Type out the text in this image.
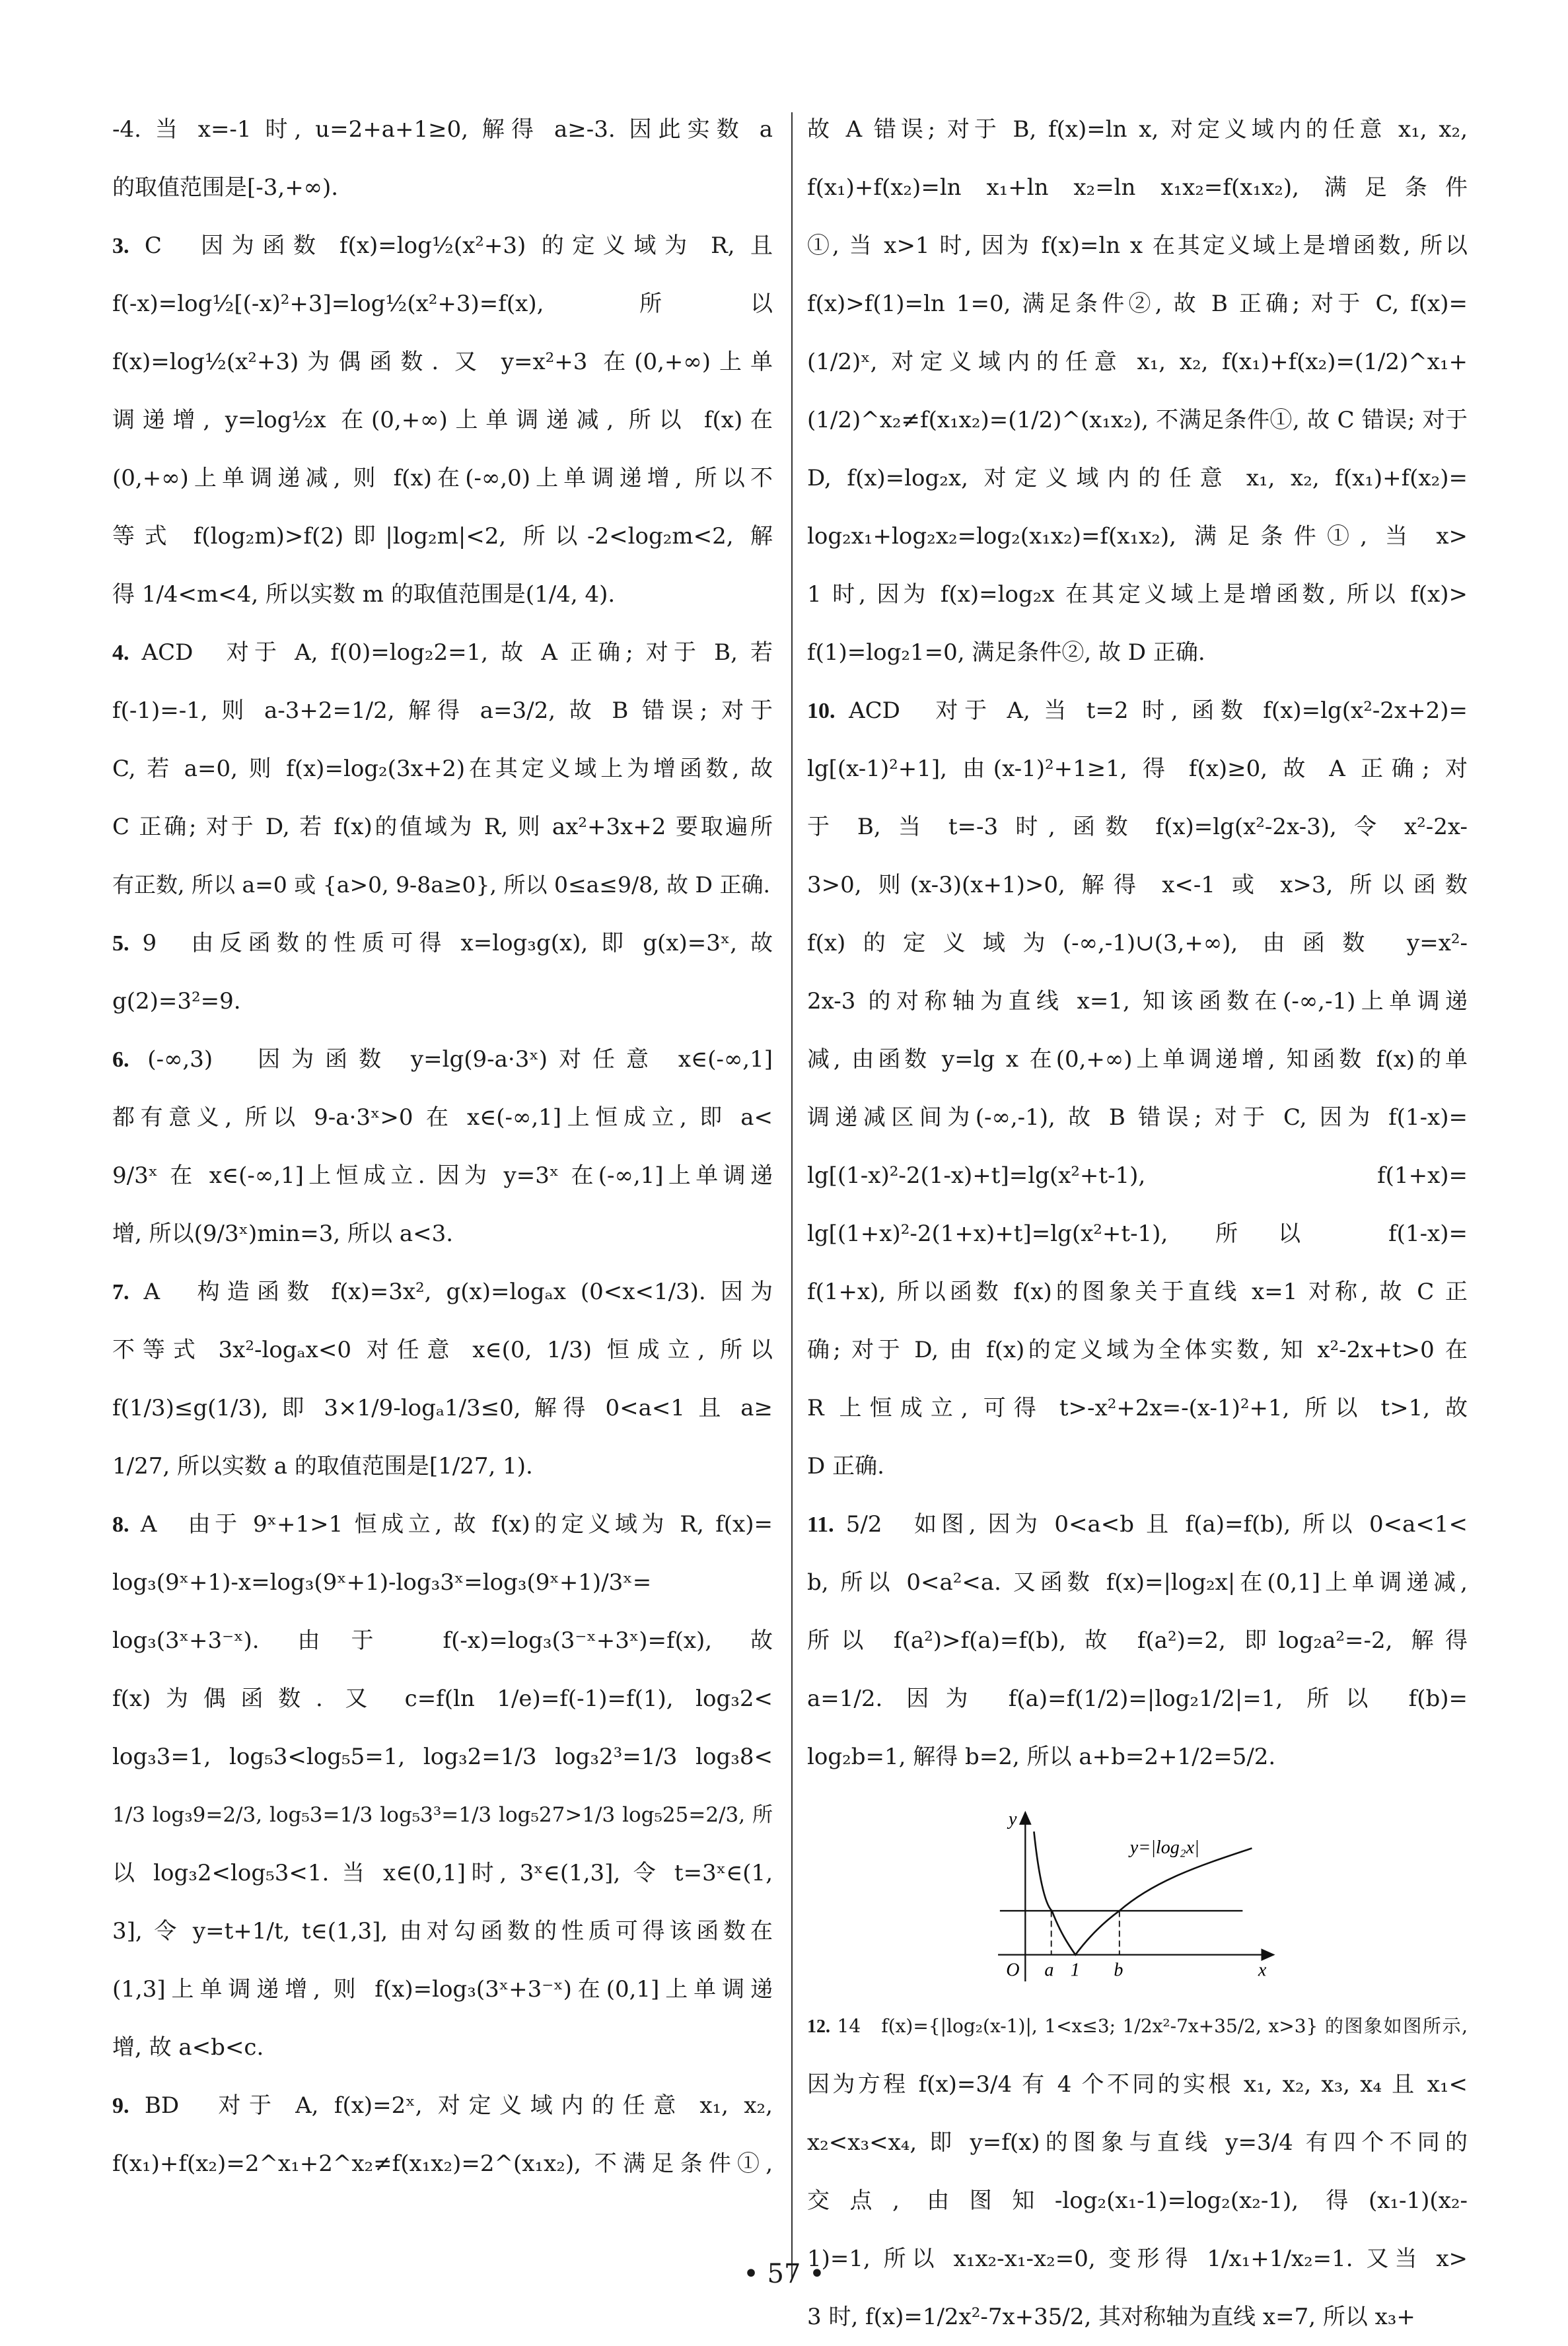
-4. 当 x=-1 时, u=2+a+1≥0, 解得 a≥-3. 因此实数 a
的取值范围是[-3,+∞).
3. C　因为函数 f(x)=log½(x²+3) 的定义域为 R, 且
f(-x)=log½[(-x)²+3]=log½(x²+3)=f(x), 所以
f(x)=log½(x²+3)为偶函数. 又 y=x²+3 在(0,+∞)上单
调递增, y=log½x 在(0,+∞)上单调递减, 所以 f(x)在
(0,+∞)上单调递减, 则 f(x)在(-∞,0)上单调递增, 所以不
等式 f(log₂m)>f(2)即|log₂m|<2, 所以-2<log₂m<2, 解
得 1/4<m<4, 所以实数 m 的取值范围是(1/4, 4).
4. ACD　对于 A, f(0)=log₂2=1, 故 A 正确; 对于 B, 若
f(-1)=-1, 则 a-3+2=1/2, 解得 a=3/2, 故 B 错误; 对于
C, 若 a=0, 则 f(x)=log₂(3x+2)在其定义域上为增函数, 故
C 正确; 对于 D, 若 f(x)的值域为 R, 则 ax²+3x+2 要取遍所
有正数, 所以 a=0 或 {a>0, 9-8a≥0}, 所以 0≤a≤9/8, 故 D 正确.
5. 9　由反函数的性质可得 x=log₃g(x), 即 g(x)=3ˣ, 故
g(2)=3²=9.
6. (-∞,3)　因为函数 y=lg(9-a·3ˣ)对任意 x∈(-∞,1]
都有意义, 所以 9-a·3ˣ>0 在 x∈(-∞,1]上恒成立, 即 a<
9/3ˣ 在 x∈(-∞,1]上恒成立. 因为 y=3ˣ 在(-∞,1]上单调递
增, 所以(9/3ˣ)min=3, 所以 a<3.
7. A　构造函数 f(x)=3x², g(x)=logₐx (0<x<1/3). 因为
不等式 3x²-logₐx<0 对任意 x∈(0, 1/3) 恒成立, 所以
f(1/3)≤g(1/3), 即 3×1/9-logₐ1/3≤0, 解得 0<a<1 且 a≥
1/27, 所以实数 a 的取值范围是[1/27, 1).
8. A　由于 9ˣ+1>1 恒成立, 故 f(x)的定义域为 R, f(x)=
log₃(9ˣ+1)-x=log₃(9ˣ+1)-log₃3ˣ=log₃(9ˣ+1)/3ˣ=
log₃(3ˣ+3⁻ˣ). 由于 f(-x)=log₃(3⁻ˣ+3ˣ)=f(x), 故
f(x)为偶函数. 又 c=f(ln 1/e)=f(-1)=f(1), log₃2<
log₃3=1, log₅3<log₅5=1, log₃2=1/3 log₃2³=1/3 log₃8<
1/3 log₃9=2/3, log₅3=1/3 log₅3³=1/3 log₅27>1/3 log₅25=2/3, 所
以 log₃2<log₅3<1. 当 x∈(0,1]时, 3ˣ∈(1,3], 令 t=3ˣ∈(1,
3], 令 y=t+1/t, t∈(1,3], 由对勾函数的性质可得该函数在
(1,3]上单调递增, 则 f(x)=log₃(3ˣ+3⁻ˣ)在(0,1]上单调递
增, 故 a<b<c.
9. BD　对于 A, f(x)=2ˣ, 对定义域内的任意 x₁, x₂,
f(x₁)+f(x₂)=2^x₁+2^x₂≠f(x₁x₂)=2^(x₁x₂), 不满足条件①,
故 A 错误; 对于 B, f(x)=ln x, 对定义域内的任意 x₁, x₂,
f(x₁)+f(x₂)=ln x₁+ln x₂=ln x₁x₂=f(x₁x₂), 满足条件
①, 当 x>1 时, 因为 f(x)=ln x 在其定义域上是增函数, 所以
f(x)>f(1)=ln 1=0, 满足条件②, 故 B 正确; 对于 C, f(x)=
(1/2)ˣ, 对定义域内的任意 x₁, x₂, f(x₁)+f(x₂)=(1/2)^x₁+
(1/2)^x₂≠f(x₁x₂)=(1/2)^(x₁x₂), 不满足条件①, 故 C 错误; 对于
D, f(x)=log₂x, 对定义域内的任意 x₁, x₂, f(x₁)+f(x₂)=
log₂x₁+log₂x₂=log₂(x₁x₂)=f(x₁x₂), 满足条件①, 当 x>
1 时, 因为 f(x)=log₂x 在其定义域上是增函数, 所以 f(x)>
f(1)=log₂1=0, 满足条件②, 故 D 正确.
10. ACD　对于 A, 当 t=2 时, 函数 f(x)=lg(x²-2x+2)=
lg[(x-1)²+1], 由(x-1)²+1≥1, 得 f(x)≥0, 故 A 正确; 对
于 B, 当 t=-3 时, 函数 f(x)=lg(x²-2x-3), 令 x²-2x-
3>0, 则(x-3)(x+1)>0, 解得 x<-1 或 x>3, 所以函数
f(x)的定义域为(-∞,-1)∪(3,+∞), 由函数 y=x²-
2x-3 的对称轴为直线 x=1, 知该函数在(-∞,-1)上单调递
减, 由函数 y=lg x 在(0,+∞)上单调递增, 知函数 f(x)的单
调递减区间为(-∞,-1), 故 B 错误; 对于 C, 因为 f(1-x)=
lg[(1-x)²-2(1-x)+t]=lg(x²+t-1), f(1+x)=
lg[(1+x)²-2(1+x)+t]=lg(x²+t-1), 所以 f(1-x)=
f(1+x), 所以函数 f(x)的图象关于直线 x=1 对称, 故 C 正
确; 对于 D, 由 f(x)的定义域为全体实数, 知 x²-2x+t>0 在
R 上恒成立, 可得 t>-x²+2x=-(x-1)²+1, 所以 t>1, 故
D 正确.
11. 5/2　如图, 因为 0<a<b 且 f(a)=f(b), 所以 0<a<1<
b, 所以 0<a²<a. 又函数 f(x)=|log₂x|在(0,1]上单调递减,
所以 f(a²)>f(a)=f(b), 故 f(a²)=2, 即log₂a²=-2, 解得
a=1/2. 因为 f(a)=f(1/2)=|log₂1/2|=1, 所以 f(b)=
log₂b=1, 解得 b=2, 所以 a+b=2+1/2=5/2.
y=|log₂x|
y
x
O a 1 b
12. 14　f(x)={|log₂(x-1)|, 1<x≤3; 1/2x²-7x+35/2, x>3} 的图象如图所示,
因为方程 f(x)=3/4 有 4 个不同的实根 x₁, x₂, x₃, x₄ 且 x₁<
x₂<x₃<x₄, 即 y=f(x)的图象与直线 y=3/4 有四个不同的
交点, 由图知-log₂(x₁-1)=log₂(x₂-1), 得(x₁-1)(x₂-
1)=1, 所以 x₁x₂-x₁-x₂=0, 变形得 1/x₁+1/x₂=1. 又当 x>
3 时, f(x)=1/2x²-7x+35/2, 其对称轴为直线 x=7, 所以 x₃+
• 57 •
